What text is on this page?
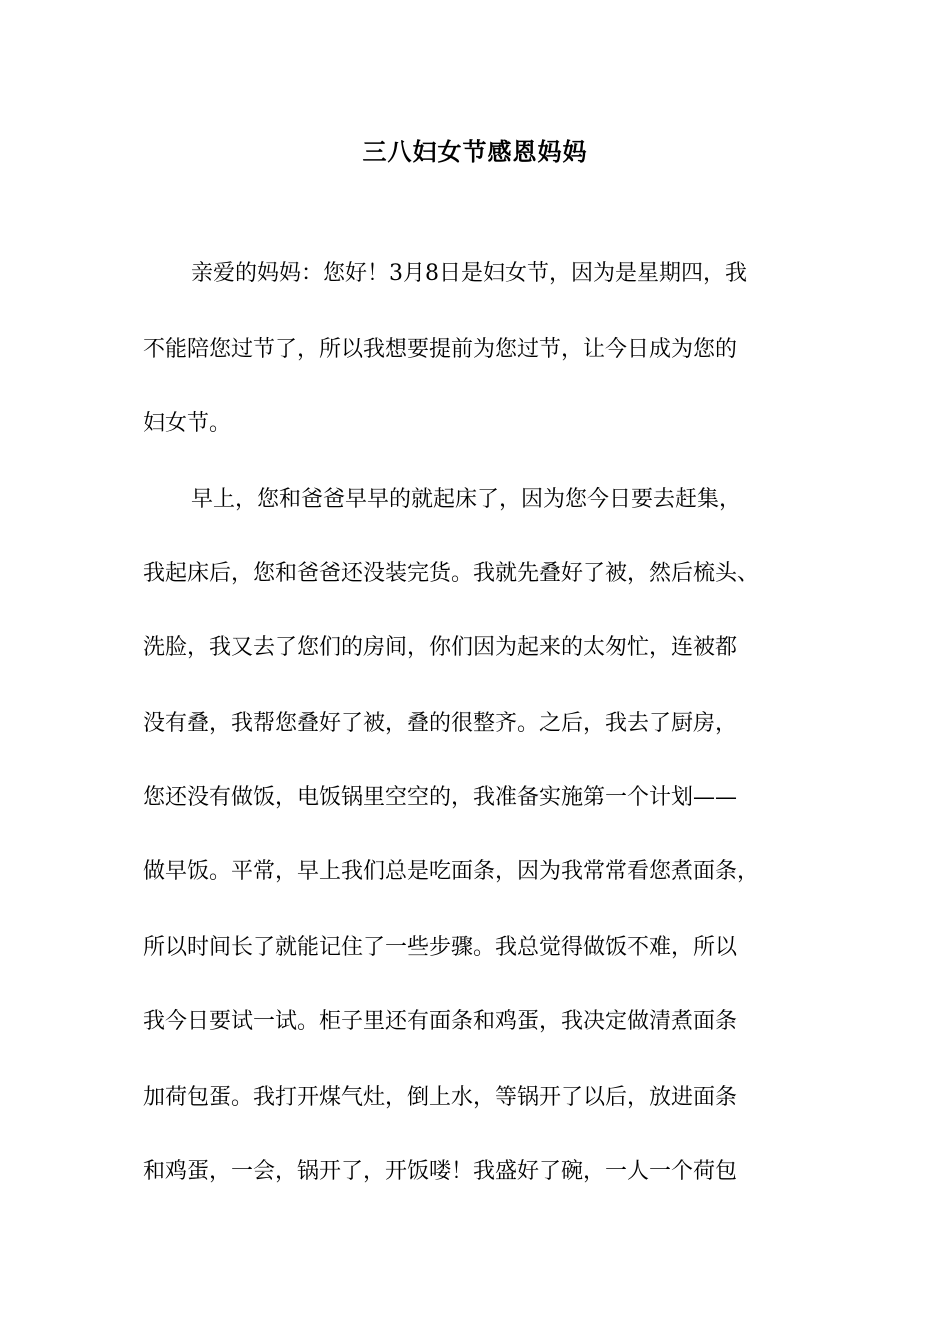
三八妇女节感恩妈妈

亲爱的妈妈：您好！3月8日是妇女节，因为是星期四，我

不能陪您过节了，所以我想要提前为您过节，让今日成为您的

妇女节。

早上，您和爸爸早早的就起床了，因为您今日要去赶集，

我起床后，您和爸爸还没装完货。我就先叠好了被，然后梳头、

洗脸，我又去了您们的房间，你们因为起来的太匆忙，连被都

没有叠，我帮您叠好了被，叠的很整齐。之后，我去了厨房，

您还没有做饭，电饭锅里空空的，我准备实施第一个计划——

做早饭。平常，早上我们总是吃面条，因为我常常看您煮面条，

所以时间长了就能记住了一些步骤。我总觉得做饭不难，所以

我今日要试一试。柜子里还有面条和鸡蛋，我决定做清煮面条

加荷包蛋。我打开煤气灶，倒上水，等锅开了以后，放进面条

和鸡蛋，一会，锅开了，开饭喽！我盛好了碗，一人一个荷包
